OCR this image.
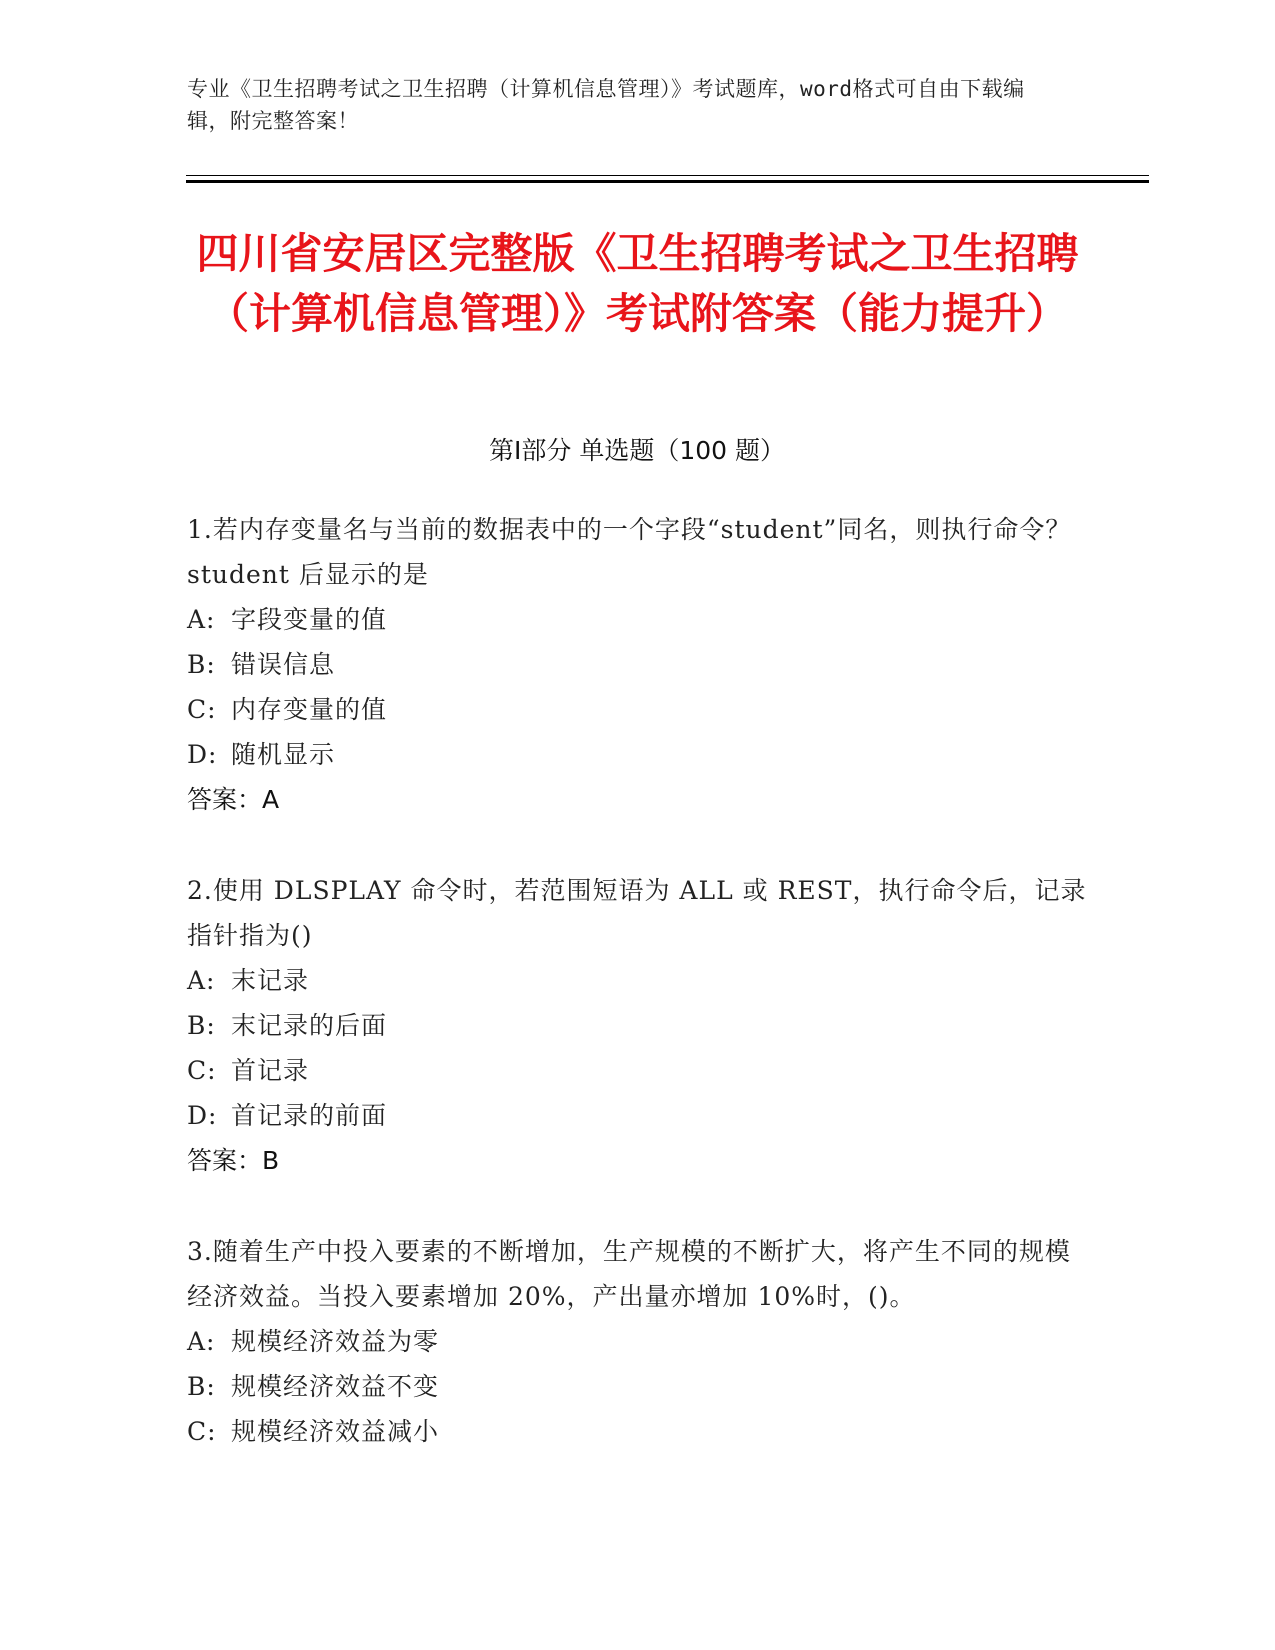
专业《卫生招聘考试之卫生招聘（计算机信息管理）》考试题库，word格式可自由下载编辑，附完整答案！
四川省安居区完整版《卫生招聘考试之卫生招聘（计算机信息管理）》考试附答案（能力提升）
第Ⅰ部分 单选题（100 题）
1.若内存变量名与当前的数据表中的一个字段“student”同名，则执行命令？student 后显示的是
A: 字段变量的值
B: 错误信息
C: 内存变量的值
D: 随机显示
答案：A
2.使用 DLSPLAY 命令时，若范围短语为 ALL 或 REST，执行命令后，记录指针指为()
A: 末记录
B: 末记录的后面
C: 首记录
D: 首记录的前面
答案：B
3.随着生产中投入要素的不断增加，生产规模的不断扩大，将产生不同的规模经济效益。当投入要素增加 20%，产出量亦增加 10%时，()。
A: 规模经济效益为零
B: 规模经济效益不变
C: 规模经济效益减小
